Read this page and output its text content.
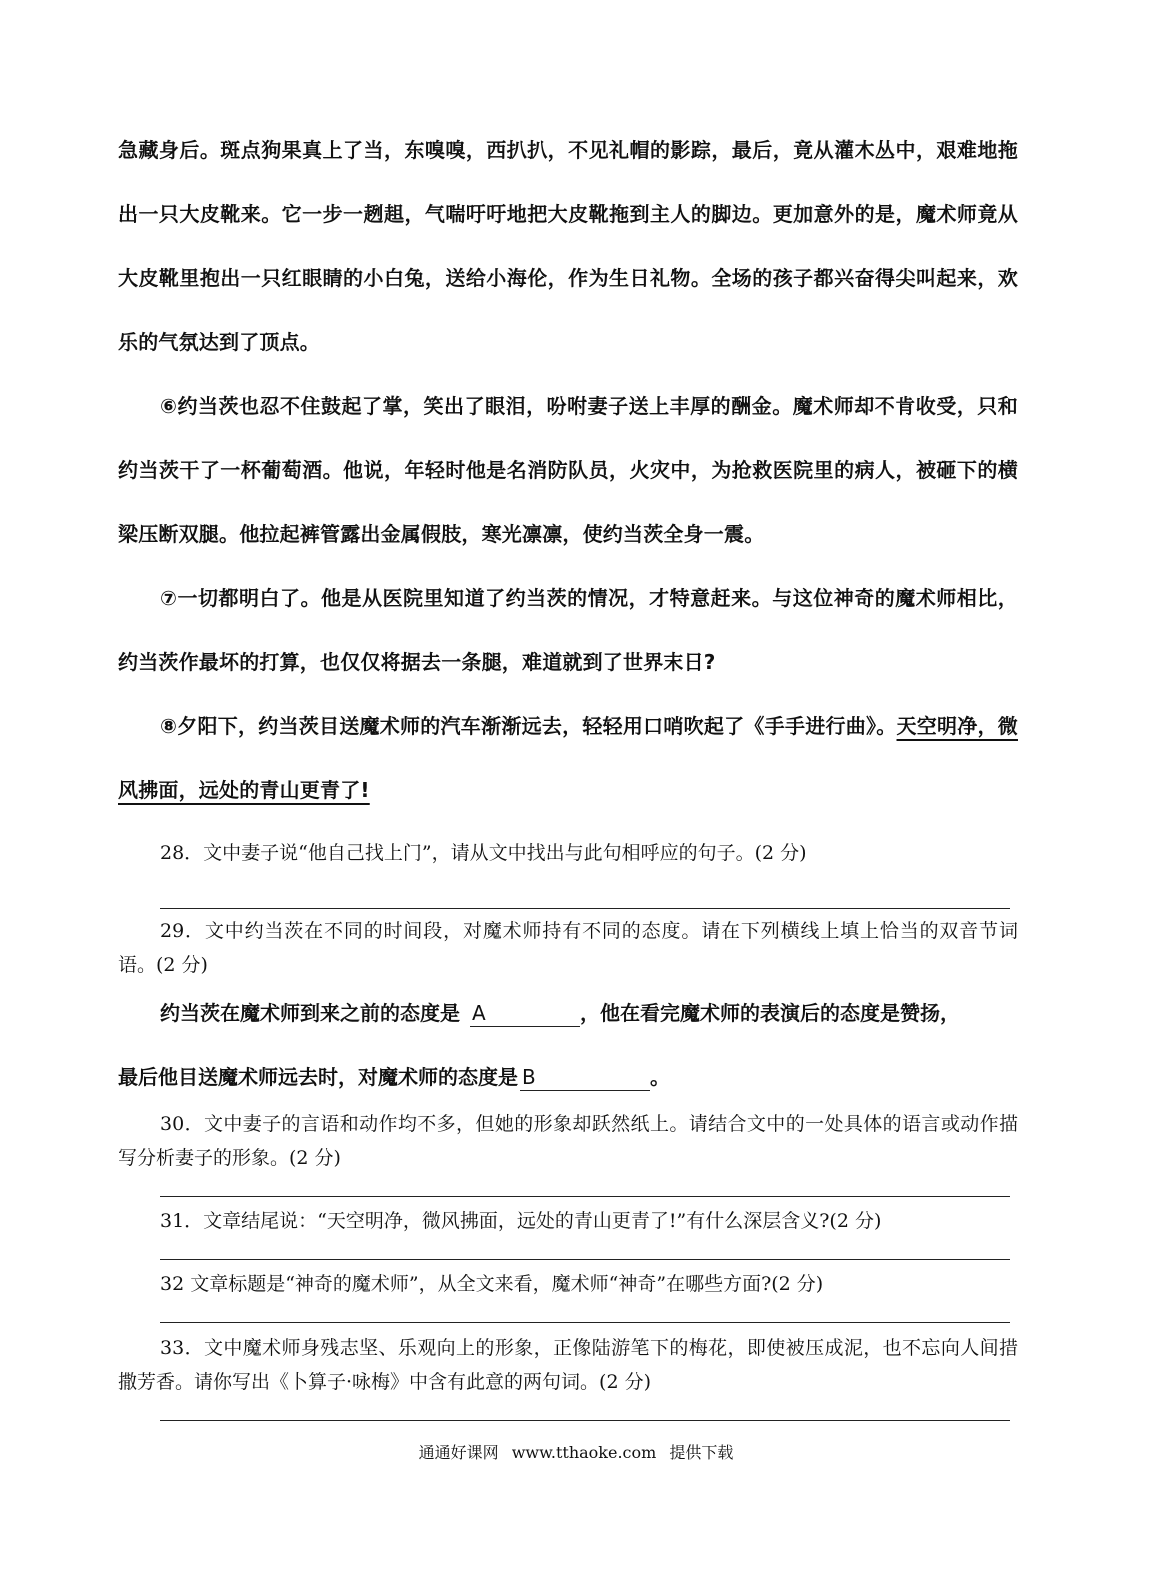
急藏身后。斑点狗果真上了当，东嗅嗅，西扒扒，不见礼帽的影踪，最后，竟从灌木丛中，艰难地拖出一只大皮靴来。它一步一趔趄，气喘吁吁地把大皮靴拖到主人的脚边。更加意外的是，魔术师竟从大皮靴里抱出一只红眼睛的小白兔，送给小海伦，作为生日礼物。全场的孩子都兴奋得尖叫起来，欢乐的气氛达到了顶点。

⑥约当茨也忍不住鼓起了掌，笑出了眼泪，吩咐妻子送上丰厚的酬金。魔术师却不肯收受，只和约当茨干了一杯葡萄酒。他说，年轻时他是名消防队员，火灾中，为抢救医院里的病人，被砸下的横梁压断双腿。他拉起裤管露出金属假肢，寒光凛凛，使约当茨全身一震。

⑦一切都明白了。他是从医院里知道了约当茨的情况，才特意赶来。与这位神奇的魔术师相比，约当茨作最坏的打算，也仅仅将据去一条腿，难道就到了世界末日?

⑧夕阳下，约当茨目送魔术师的汽车渐渐远去，轻轻用口哨吹起了《手手进行曲》。天空明净，微风拂面，远处的青山更青了!

28．文中妻子说“他自己找上门”，请从文中找出与此句相呼应的句子。(2 分)

29．文中约当茨在不同的时间段，对魔术师持有不同的态度。请在下列横线上填上恰当的双音节词语。(2 分)

约当茨在魔术师到来之前的态度是 A	，他在看完魔术师的表演后的态度是赞扬，

最后他目送魔术师远去时，对魔术师的态度是 B	。

30．文中妻子的言语和动作均不多，但她的形象却跃然纸上。请结合文中的一处具体的语言或动作描写分析妻子的形象。(2 分)

31．文章结尾说：“天空明净，微风拂面，远处的青山更青了!”有什么深层含义?(2 分)

32 文章标题是“神奇的魔术师”，从全文来看，魔术师“神奇”在哪些方面?(2 分)

33．文中魔术师身残志坚、乐观向上的形象，正像陆游笔下的梅花，即使被压成泥，也不忘向人间措撒芳香。请你写出《卜算子·咏梅》中含有此意的两句词。(2 分)

通通好课网 www.tthaoke.com 提供下载
